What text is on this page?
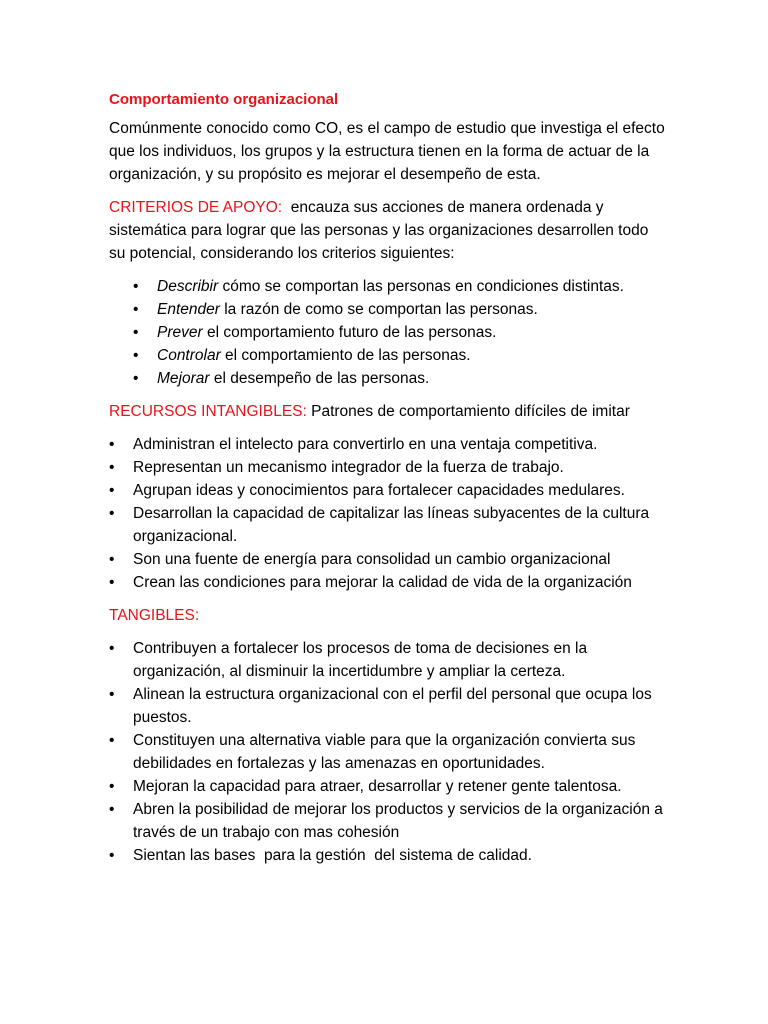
Comportamiento organizacional

Comúnmente conocido como CO, es el campo de estudio que investiga el efecto que los individuos, los grupos y la estructura tienen en la forma de actuar de la organización, y su propósito es mejorar el desempeño de esta.

CRITERIOS DE APOYO:  encauza sus acciones de manera ordenada y sistemática para lograr que las personas y las organizaciones desarrollen todo su potencial, considerando los criterios siguientes:

• Describir cómo se comportan las personas en condiciones distintas.
• Entender la razón de como se comportan las personas.
• Prever el comportamiento futuro de las personas.
• Controlar el comportamiento de las personas.
• Mejorar el desempeño de las personas.

RECURSOS INTANGIBLES: Patrones de comportamiento difíciles de imitar

• Administran el intelecto para convertirlo en una ventaja competitiva.
• Representan un mecanismo integrador de la fuerza de trabajo.
• Agrupan ideas y conocimientos para fortalecer capacidades medulares.
• Desarrollan la capacidad de capitalizar las líneas subyacentes de la cultura organizacional.
• Son una fuente de energía para consolidad un cambio organizacional
• Crean las condiciones para mejorar la calidad de vida de la organización
TANGIBLES:
• Contribuyen a fortalecer los procesos de toma de decisiones en la organización, al disminuir la incertidumbre y ampliar la certeza.
• Alinean la estructura organizacional con el perfil del personal que ocupa los puestos.
• Constituyen una alternativa viable para que la organización convierta sus debilidades en fortalezas y las amenazas en oportunidades.
• Mejoran la capacidad para atraer, desarrollar y retener gente talentosa.
• Abren la posibilidad de mejorar los productos y servicios de la organización a través de un trabajo con mas cohesión
• Sientan las bases  para la gestión  del sistema de calidad.
